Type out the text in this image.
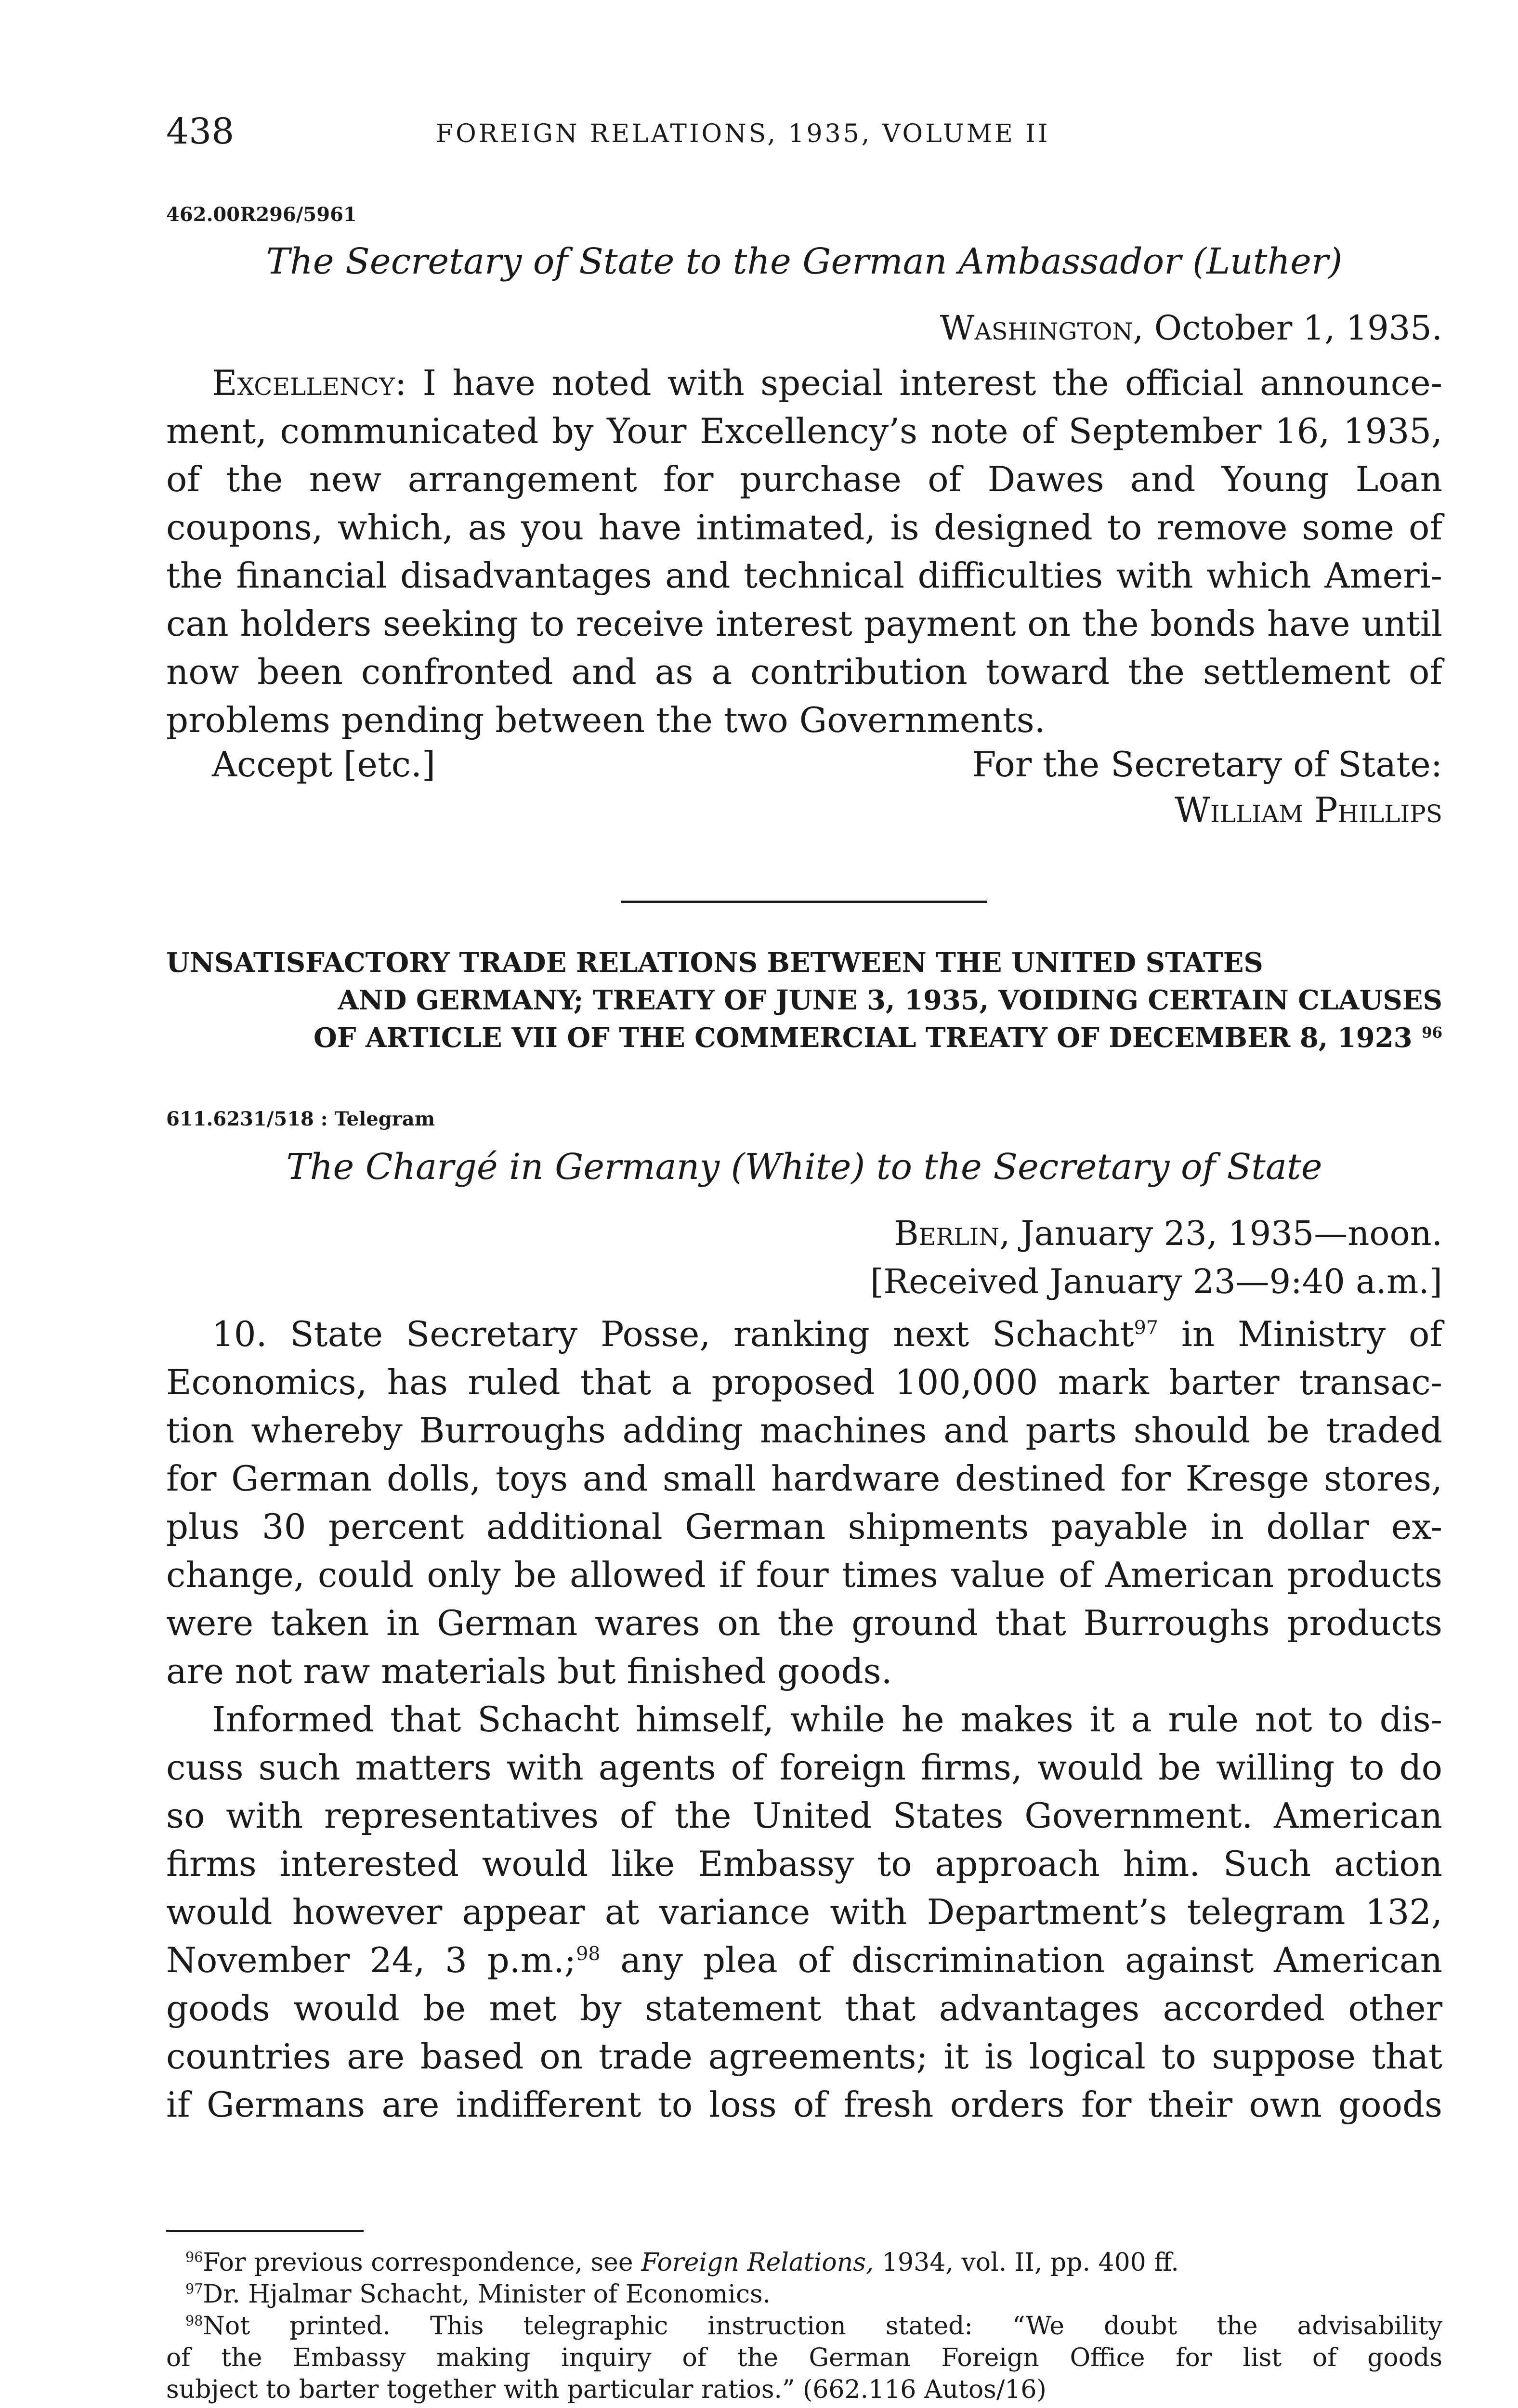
438	FOREIGN RELATIONS, 1935, VOLUME II
462.00R296/5961
The Secretary of State to the German Ambassador (Luther)
Washington, October 1, 1935.
Excellency: I have noted with special interest the official announce-
ment, communicated by Your Excellency’s note of September 16, 1935,
of the new arrangement for purchase of Dawes and Young Loan
coupons, which, as you have intimated, is designed to remove some of
the financial disadvantages and technical difficulties with which Ameri-
can holders seeking to receive interest payment on the bonds have until
now been confronted and as a contribution toward the settlement of
problems pending between the two Governments.
Accept [etc.]	For the Secretary of State:
William Phillips
UNSATISFACTORY TRADE RELATIONS BETWEEN THE UNITED STATES
AND GERMANY; TREATY OF JUNE 3, 1935, VOIDING CERTAIN CLAUSES
OF ARTICLE VII OF THE COMMERCIAL TREATY OF DECEMBER 8, 1923 $^{96}$
611.6231/518 : Telegram
The Chargé in Germany (White) to the Secretary of State
Berlin, January 23, 1935—noon.
[Received January 23—9:40 a.m.]
10. State Secretary Posse, ranking next Schacht$^{97}$ in Ministry of
Economics, has ruled that a proposed 100,000 mark barter transac-
tion whereby Burroughs adding machines and parts should be traded
for German dolls, toys and small hardware destined for Kresge stores,
plus 30 percent additional German shipments payable in dollar ex-
change, could only be allowed if four times value of American products
were taken in German wares on the ground that Burroughs products
are not raw materials but finished goods.
Informed that Schacht himself, while he makes it a rule not to dis-
cuss such matters with agents of foreign firms, would be willing to do
so with representatives of the United States Government. American
firms interested would like Embassy to approach him. Such action
would however appear at variance with Department’s telegram 132,
November 24, 3 p.m.;$^{98}$ any plea of discrimination against American
goods would be met by statement that advantages accorded other
countries are based on trade agreements; it is logical to suppose that
if Germans are indifferent to loss of fresh orders for their own goods
$^{96}$For previous correspondence, see Foreign Relations, 1934, vol. II, pp. 400 ff.
$^{97}$Dr. Hjalmar Schacht, Minister of Economics.
$^{98}$Not printed. This telegraphic instruction stated: “We doubt the advisability
of the Embassy making inquiry of the German Foreign Office for list of goods
subject to barter together with particular ratios.” (662.116 Autos/16)
